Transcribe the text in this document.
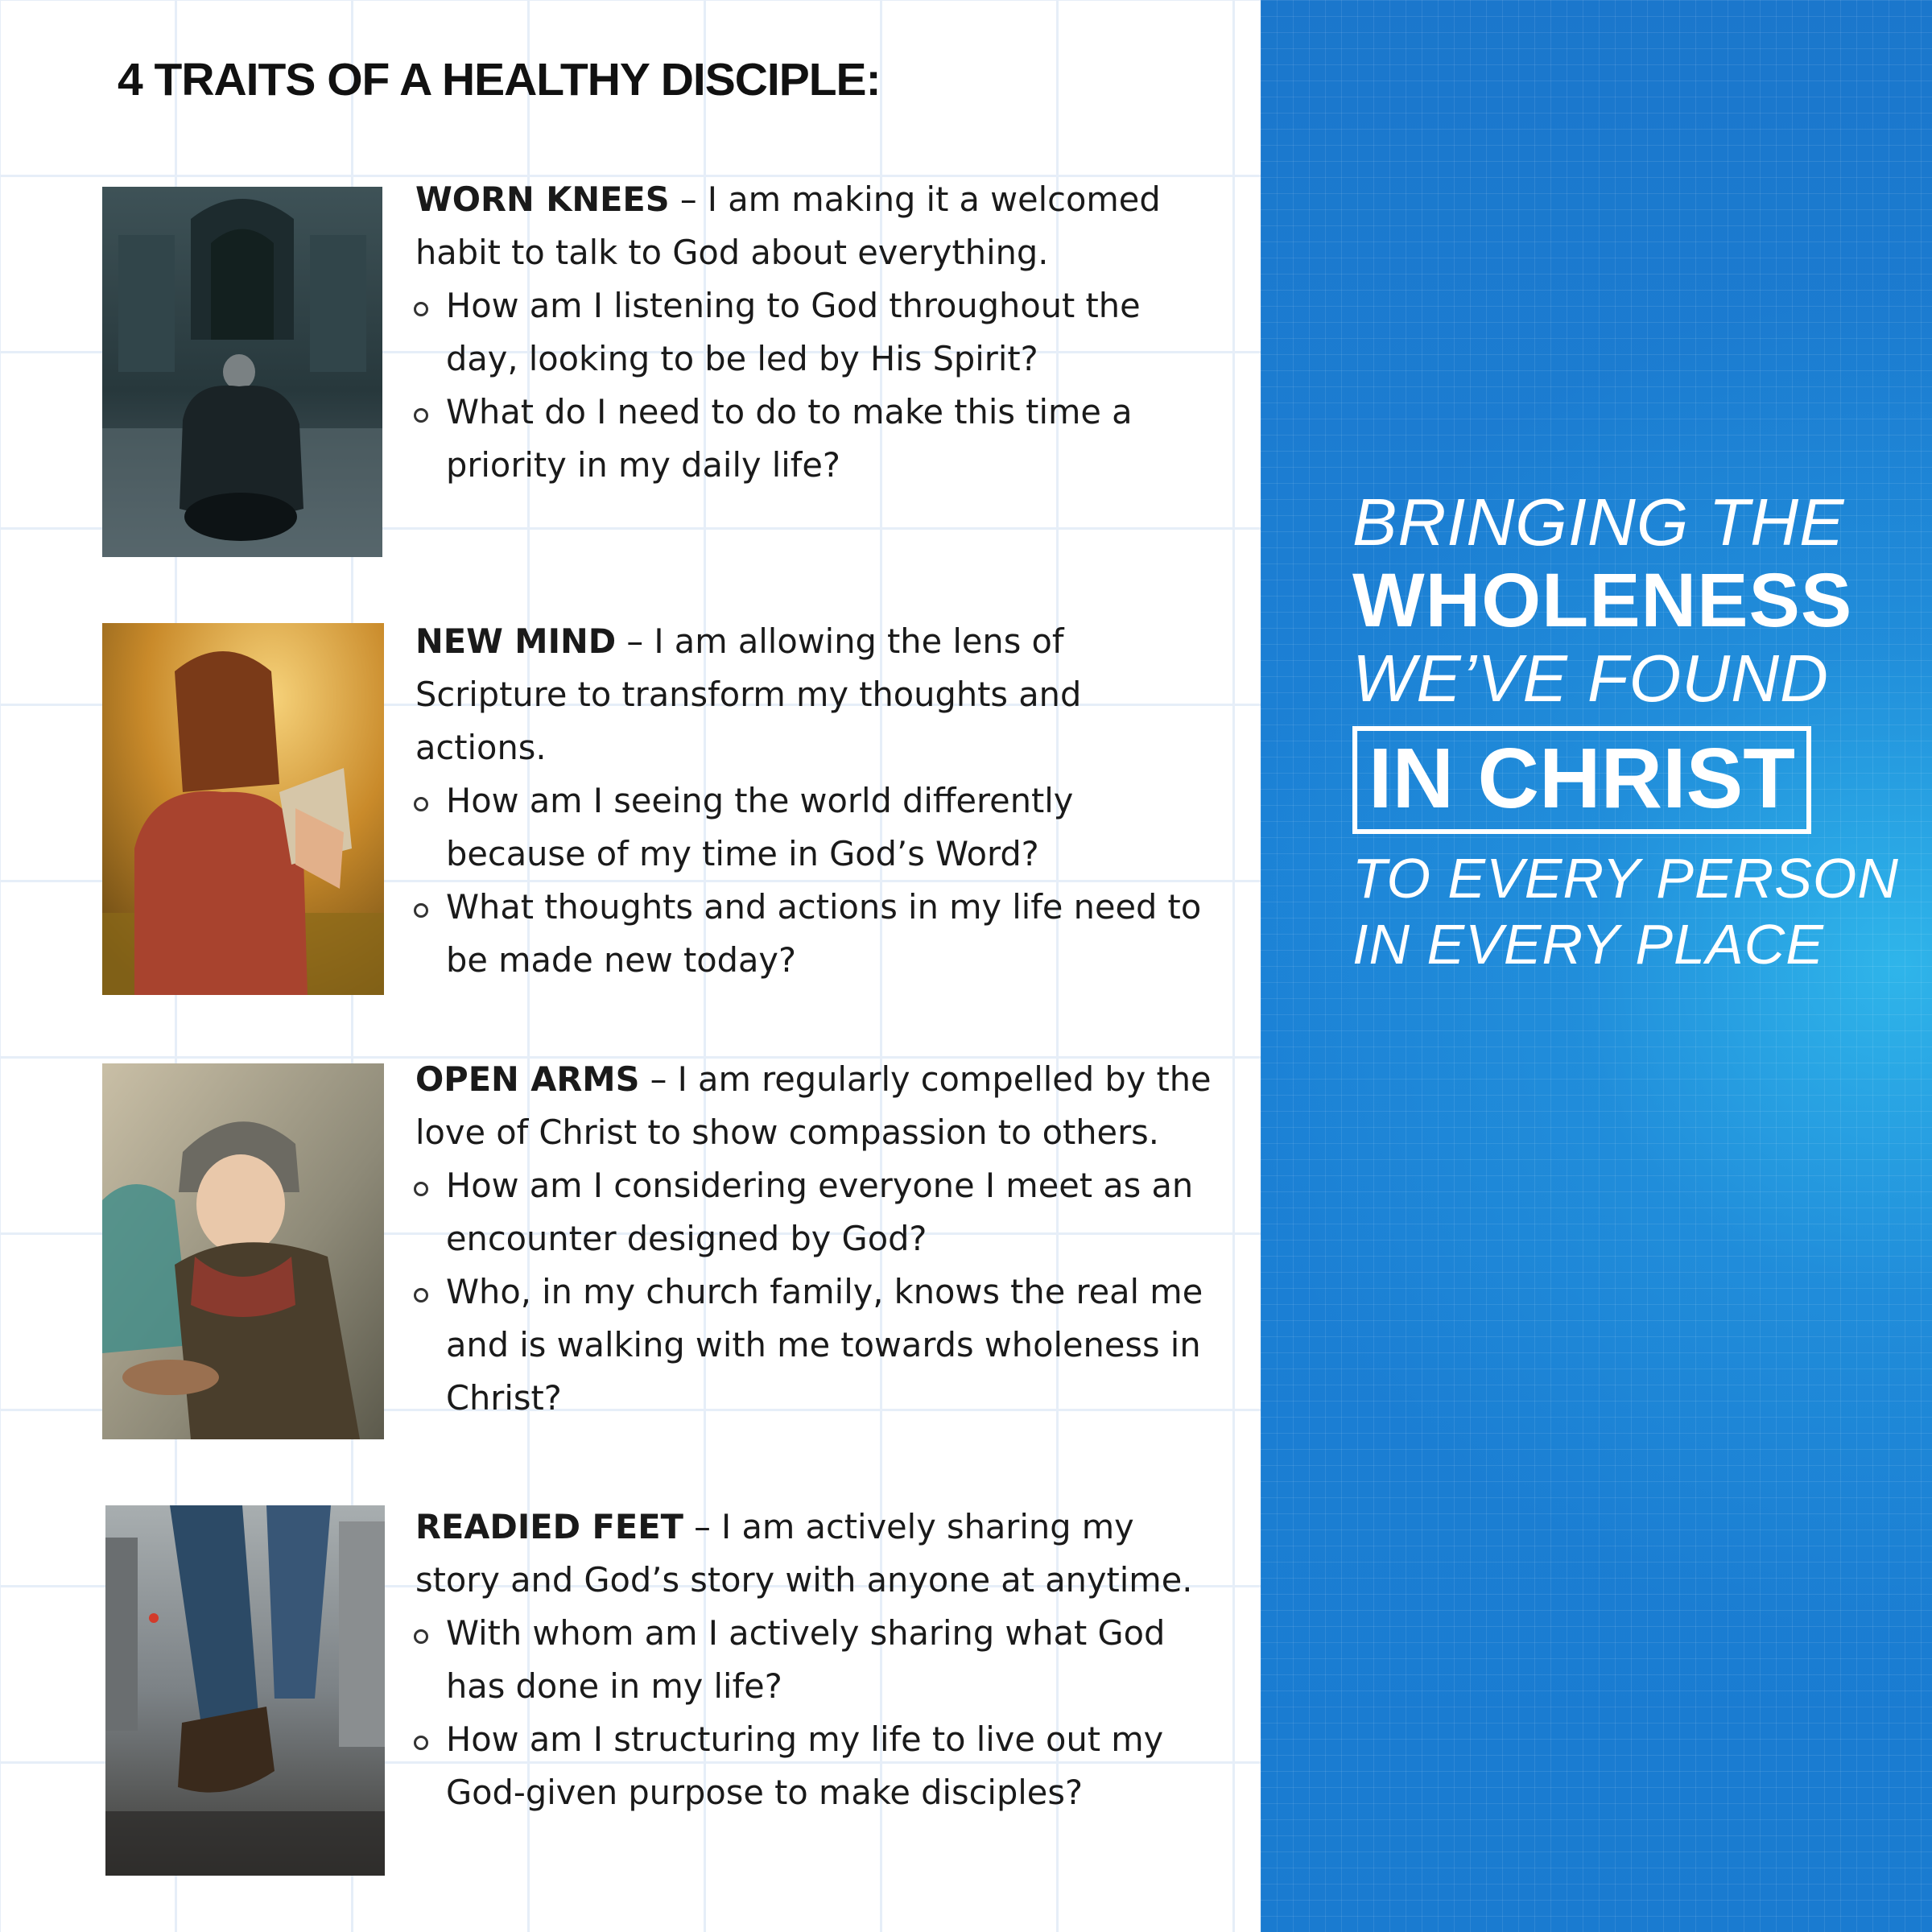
4 TRAITS OF A HEALTHY DISCIPLE:

WORN KNEES – I am making it a welcomed habit to talk to God about everything.

How am I listening to God throughout the day, looking to be led by His Spirit?
What do I need to do to make this time a priority in my daily life?

NEW MIND – I am allowing the lens of Scripture to transform my thoughts and actions.

How am I seeing the world differently because of my time in God’s Word?
What thoughts and actions in my life need to be made new today?

OPEN ARMS – I am regularly compelled by the love of Christ to show compassion to others.

How am I considering everyone I meet as an encounter designed by God?
Who, in my church family, knows the real me and is walking with me towards wholeness in Christ?

READIED FEET – I am actively sharing my story and God’s story with anyone at anytime.

With whom am I actively sharing what God has done in my life?
How am I structuring my life to live out my God-given purpose to make disciples?
BRINGING THE
WHOLENESS
WE’VE FOUND
IN CHRIST
TO EVERY PERSON
IN EVERY PLACE
